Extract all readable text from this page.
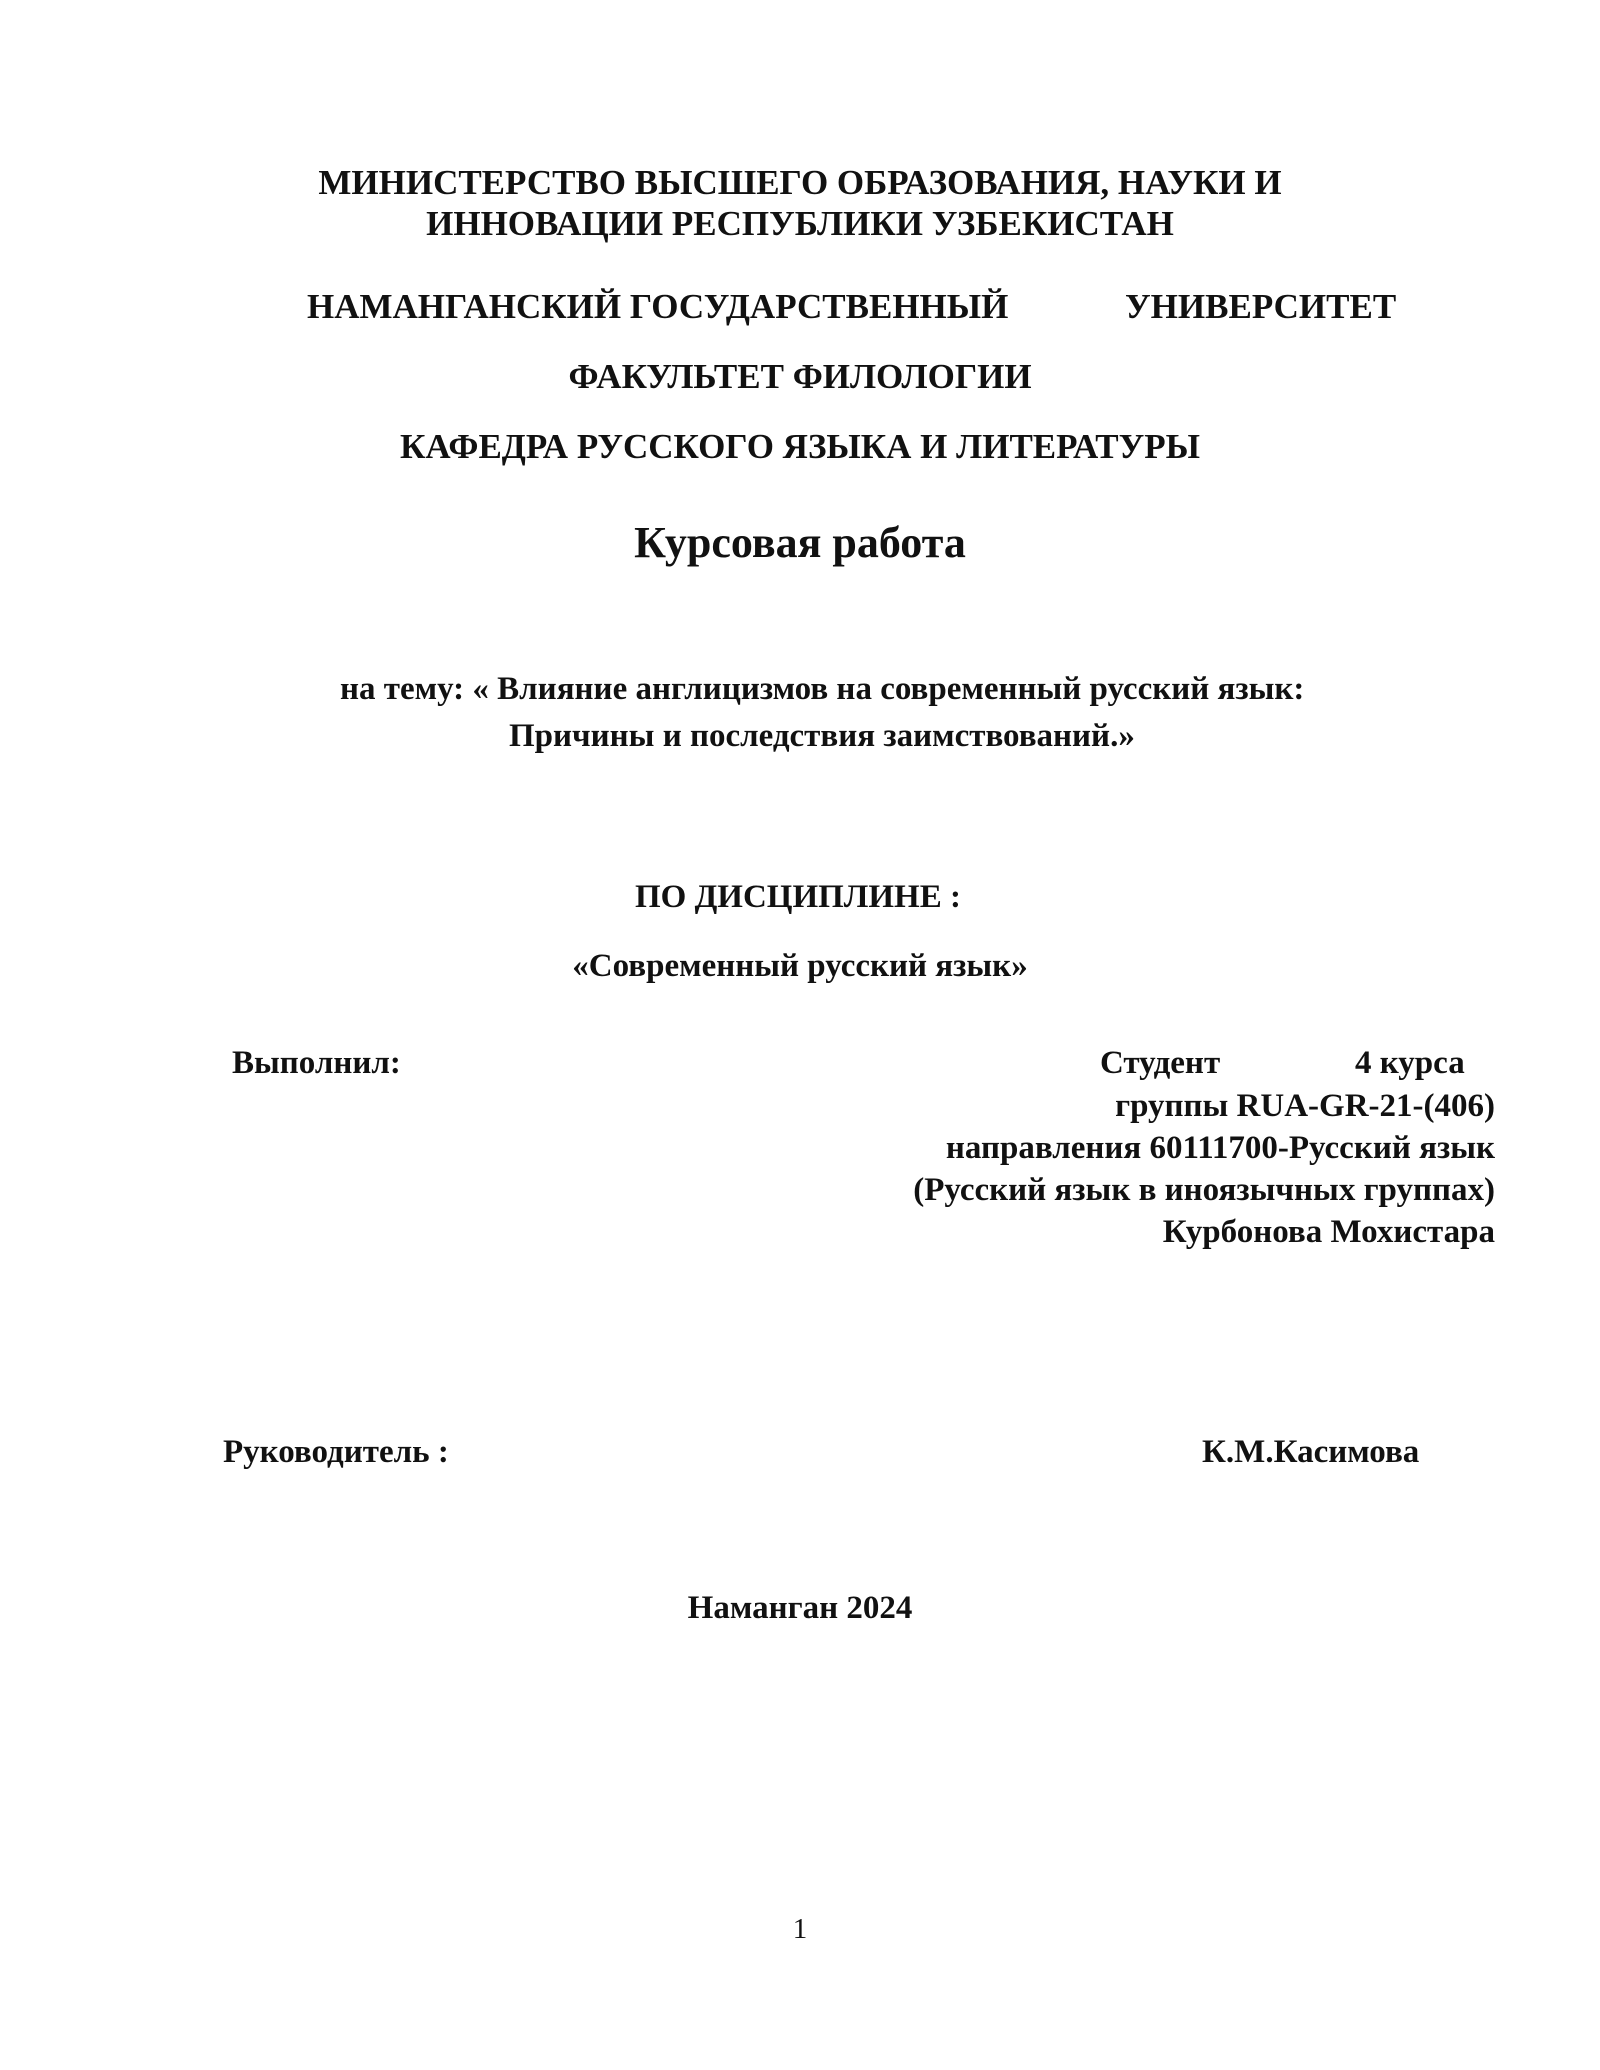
МИНИСТЕРСТВО ВЫСШЕГО ОБРАЗОВАНИЯ, НАУКИ И
ИННОВАЦИИ РЕСПУБЛИКИ УЗБЕКИСТАН
НАМАНГАНСКИЙ ГОСУДАРСТВЕННЫЙ	УНИВЕРСИТЕТ
ФАКУЛЬТЕТ ФИЛОЛОГИИ
КАФЕДРА РУССКОГО ЯЗЫКА И ЛИТЕРАТУРЫ
Курсовая работа
на тему: « Влияние англицизмов на современный русский язык:
Причины и последствия заимствований.»
ПО ДИСЦИПЛИНЕ :
«Современный русский язык»
Выполнил:	Студент	4 курса
группы RUA-GR-21-(406)
направления 60111700-Русский язык
(Русский язык в иноязычных группах)
Курбонова Мохистара
Руководитель :	К.М.Касимова
Наманган 2024
1
